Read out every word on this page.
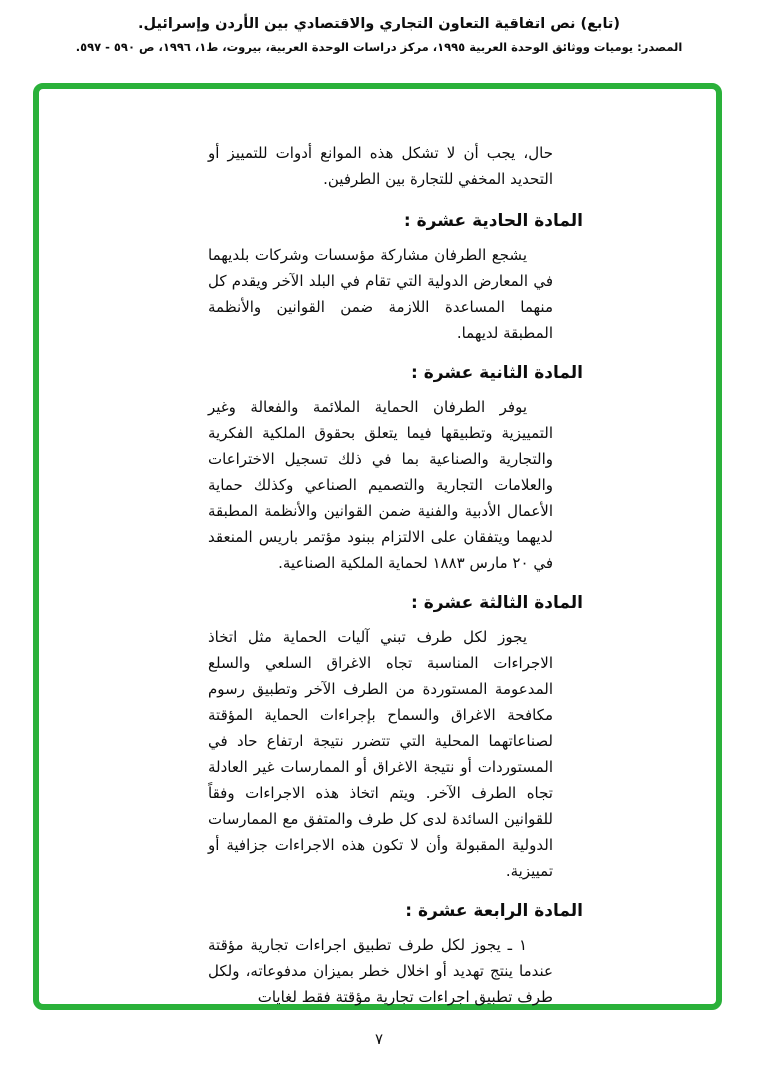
(تابع) نص اتفاقية التعاون التجاري والاقتصادي بين الأردن وإسرائيل.
المصدر: يوميات ووثائق الوحدة العربية ١٩٩٥، مركز دراسات الوحدة العربية، بيروت، ط١، ١٩٩٦، ص ٥٩٠ - ٥٩٧.

حال، يجب أن لا تشكل هذه الموانع أدوات للتمييز أو التحديد المخفي للتجارة بين الطرفين.

المادة الحادية عشرة :

يشجع الطرفان مشاركة مؤسسات وشركات بلديهما في المعارض الدولية التي تقام في البلد الآخر ويقدم كل منهما المساعدة اللازمة ضمن القوانين والأنظمة المطبقة لديهما.

المادة الثانية عشرة :

يوفر الطرفان الحماية الملائمة والفعالة وغير التمييزية وتطبيقها فيما يتعلق بحقوق الملكية الفكرية والتجارية والصناعية بما في ذلك تسجيل الاختراعات والعلامات التجارية والتصميم الصناعي وكذلك حماية الأعمال الأدبية والفنية ضمن القوانين والأنظمة المطبقة لديهما ويتفقان على الالتزام ببنود مؤتمر باريس المنعقد في ٢٠ مارس ١٨٨٣ لحماية الملكية الصناعية.

المادة الثالثة عشرة :

يجوز لكل طرف تبني آليات الحماية مثل اتخاذ الاجراءات المناسبة تجاه الاغراق السلعي والسلع المدعومة المستوردة من الطرف الآخر وتطبيق رسوم مكافحة الاغراق والسماح بإجراءات الحماية المؤقتة لصناعاتهما المحلية التي تتضرر نتيجة ارتفاع حاد في المستوردات أو نتيجة الاغراق أو الممارسات غير العادلة تجاه الطرف الآخر. ويتم اتخاذ هذه الاجراءات وفقاً للقوانين السائدة لدى كل طرف والمتفق مع الممارسات الدولية المقبولة وأن لا تكون هذه الاجراءات جزافية أو تمييزية.

المادة الرابعة عشرة :

١ ـ يجوز لكل طرف تطبيق اجراءات تجارية مؤقتة عندما ينتج تهديد أو اخلال خطر بميزان مدفوعاته، ولكل طرف تطبيق اجراءات تجارية مؤقتة فقط لغايات

٧
